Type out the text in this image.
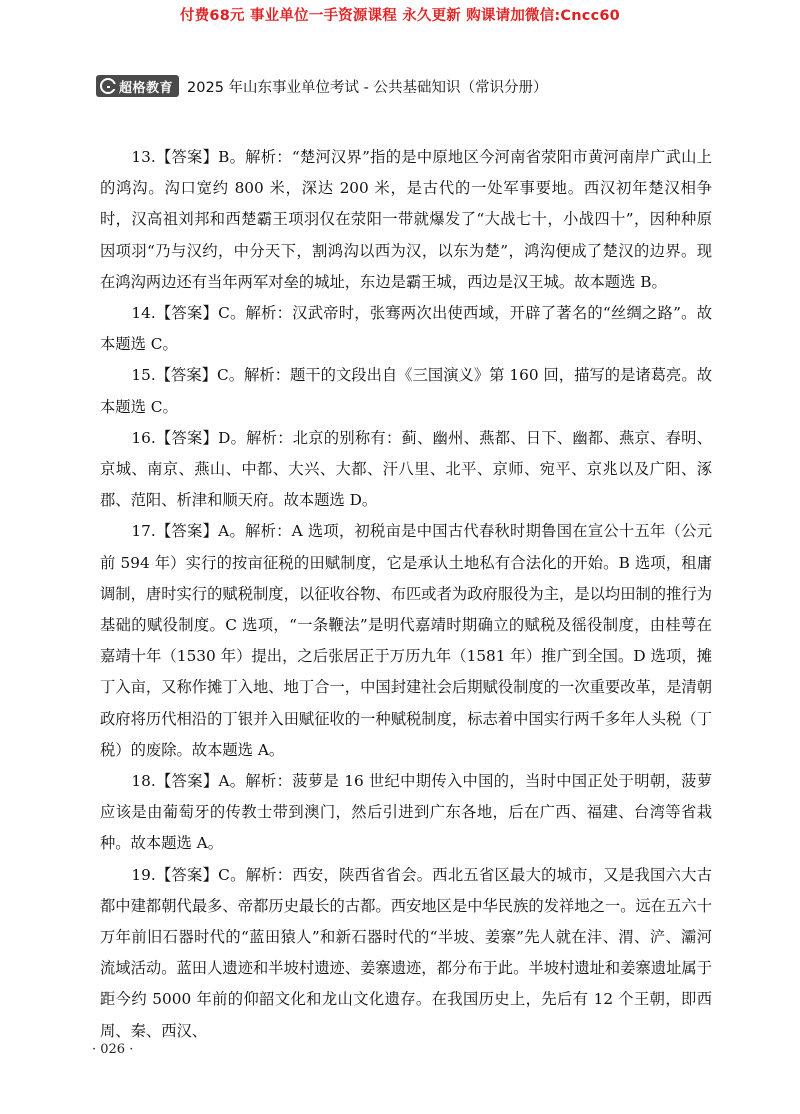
付费68元 事业单位一手资源课程 永久更新 购课请加微信:Cncc60
超格教育 2025 年山东事业单位考试 - 公共基础知识（常识分册）

13.【答案】B。解析：“楚河汉界”指的是中原地区今河南省荥阳市黄河南岸广武山上的鸿沟。沟口宽约 800 米，深达 200 米，是古代的一处军事要地。西汉初年楚汉相争时，汉高祖刘邦和西楚霸王项羽仅在荥阳一带就爆发了“大战七十，小战四十”，因种种原因项羽“乃与汉约，中分天下，割鸿沟以西为汉，以东为楚”，鸿沟便成了楚汉的边界。现在鸿沟两边还有当年两军对垒的城址，东边是霸王城，西边是汉王城。故本题选 B。

14.【答案】C。解析：汉武帝时，张骞两次出使西域，开辟了著名的“丝绸之路”。故本题选 C。

15.【答案】C。解析：题干的文段出自《三国演义》第 160 回，描写的是诸葛亮。故本题选 C。

16.【答案】D。解析：北京的别称有：蓟、幽州、燕都、日下、幽都、燕京、春明、京城、南京、燕山、中都、大兴、大都、汗八里、北平、京师、宛平、京兆以及广阳、涿郡、范阳、析津和顺天府。故本题选 D。

17.【答案】A。解析：A 选项，初税亩是中国古代春秋时期鲁国在宣公十五年（公元前 594 年）实行的按亩征税的田赋制度，它是承认土地私有合法化的开始。B 选项，租庸调制，唐时实行的赋税制度，以征收谷物、布匹或者为政府服役为主，是以均田制的推行为基础的赋役制度。C 选项，“一条鞭法”是明代嘉靖时期确立的赋税及徭役制度，由桂萼在嘉靖十年（1530 年）提出，之后张居正于万历九年（1581 年）推广到全国。D 选项，摊丁入亩，又称作摊丁入地、地丁合一，中国封建社会后期赋役制度的一次重要改革，是清朝政府将历代相沿的丁银并入田赋征收的一种赋税制度，标志着中国实行两千多年人头税（丁税）的废除。故本题选 A。

18.【答案】A。解析：菠萝是 16 世纪中期传入中国的，当时中国正处于明朝，菠萝应该是由葡萄牙的传教士带到澳门，然后引进到广东各地，后在广西、福建、台湾等省栽种。故本题选 A。

19.【答案】C。解析：西安，陕西省省会。西北五省区最大的城市，又是我国六大古都中建都朝代最多、帝都历史最长的古都。西安地区是中华民族的发祥地之一。远在五六十万年前旧石器时代的“蓝田猿人”和新石器时代的“半坡、姜寨”先人就在沣、渭、浐、灞河流域活动。蓝田人遗迹和半坡村遗迹、姜寨遗迹，都分布于此。半坡村遗址和姜寨遗址属于距今约 5000 年前的仰韶文化和龙山文化遗存。在我国历史上，先后有 12 个王朝，即西周、秦、西汉、

· 026 ·
